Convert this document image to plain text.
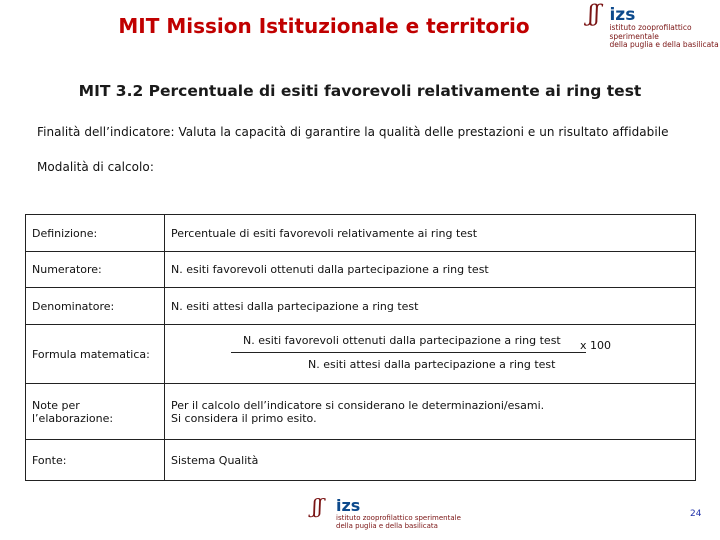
MIT Mission Istituzionale e territorio	ʃʃ izs
istituto zooprofilattico sperimentale
della puglia e della basilicata
MIT 3.2 Percentuale di esiti favorevoli relativamente ai ring test
Finalità dell’indicatore: Valuta la capacità di garantire la qualità delle prestazioni e un risultato affidabile
Modalità di calcolo:
Definizione:	Percentuale di esiti favorevoli relativamente ai ring test
Numeratore:	N. esiti favorevoli ottenuti dalla partecipazione a ring test
Denominatore:	N. esiti attesi dalla partecipazione a ring test
Formula matematica:	N. esiti favorevoli ottenuti dalla partecipazione a ring test
N. esiti attesi dalla partecipazione a ring test
x 100

Note per l’elaborazione:	Per il calcolo dell’indicatore si considerano le determinazioni/esami.
Si considera il primo esito.

Fonte:	Sistema Qualità
ʃʃ izs
istituto zooprofilattico sperimentale
della puglia e della basilicata
24
